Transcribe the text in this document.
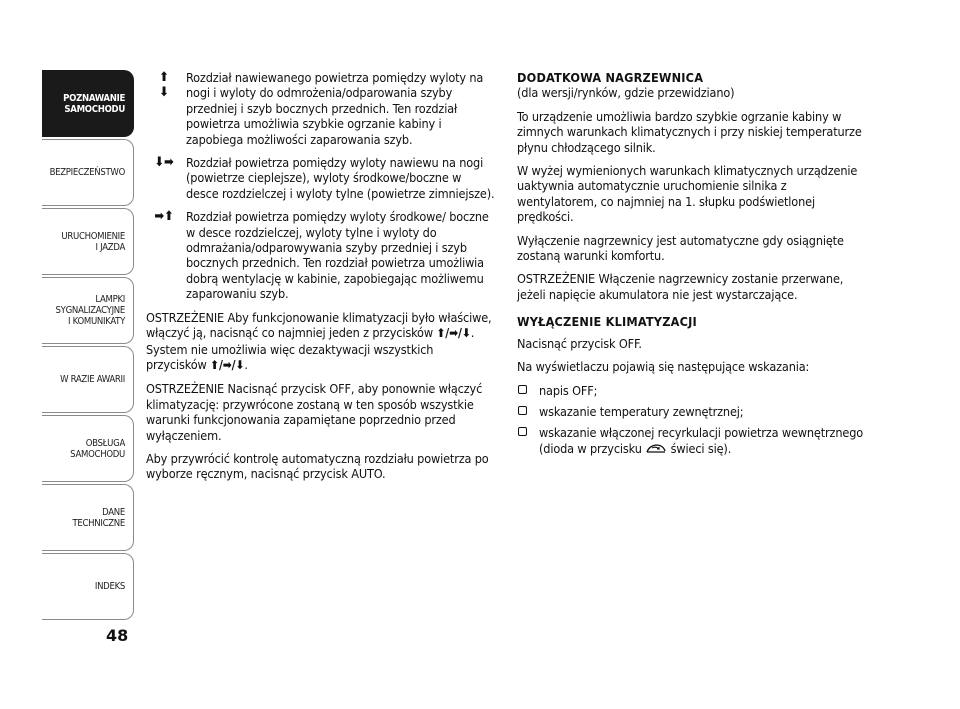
POZNAWANIE
SAMOCHODU
BEZPIECZEŃSTWO
URUCHOMIENIE
I JAZDA
LAMPKI
SYGNALIZACYJNE
I KOMUNIKATY
W RAZIE AWARII
OBSŁUGA
SAMOCHODU
DANE
TECHNICZNE
INDEKS
48

⬆
⬇
Rozdział nawiewanego powietrza pomiędzy wyloty na nogi i wyloty do odmrożenia/odparowania szyby przedniej i szyb bocznych przednich. Ten rozdział powietrza umożliwia szybkie ogrzanie kabiny i zapobiega możliwości zaparowania szyb.

⬇➡ Rozdział powietrza pomiędzy wyloty nawiewu na nogi (powietrze cieplejsze), wyloty środkowe/boczne w desce rozdzielczej i wyloty tylne (powietrze zimniejsze).

➡⬆ Rozdział powietrza pomiędzy wyloty środkowe/ boczne w desce rozdzielczej, wyloty tylne i wyloty do odmrażania/odparowywania szyby przedniej i szyb bocznych przednich. Ten rozdział powietrza umożliwia dobrą wentylację w kabinie, zapobiegając możliwemu zaparowaniu szyb.

OSTRZEŻENIE Aby funkcjonowanie klimatyzacji było właściwe, włączyć ją, nacisnąć co najmniej jeden z przycisków ⬆/➡/⬇. System nie umożliwia więc dezaktywacji wszystkich przycisków ⬆/➡/⬇.

OSTRZEŻENIE Nacisnąć przycisk OFF, aby ponownie włączyć klimatyzację: przywrócone zostaną w ten sposób wszystkie warunki funkcjonowania zapamiętane poprzednio przed wyłączeniem.

Aby przywrócić kontrolę automatyczną rozdziału powietrza po wyborze ręcznym, nacisnąć przycisk AUTO.

DODATKOWA NAGRZEWNICA

(dla wersji/rynków, gdzie przewidziano)

To urządzenie umożliwia bardzo szybkie ogrzanie kabiny w zimnych warunkach klimatycznych i przy niskiej temperaturze płynu chłodzącego silnik.

W wyżej wymienionych warunkach klimatycznych urządzenie uaktywnia automatycznie uruchomienie silnika z wentylatorem, co najmniej na 1. słupku podświetlonej prędkości.

Wyłączenie nagrzewnicy jest automatyczne gdy osiągnięte zostaną warunki komfortu.

OSTRZEŻENIE Włączenie nagrzewnicy zostanie przerwane, jeżeli napięcie akumulatora nie jest wystarczające.

WYŁĄCZENIE KLIMATYZACJI

Nacisnąć przycisk OFF.

Na wyświetlaczu pojawią się następujące wskazania:

napis OFF;
wskazanie temperatury zewnętrznej;
wskazanie włączonej recyrkulacji powietrza wewnętrznego (dioda w przycisku  świeci się).
